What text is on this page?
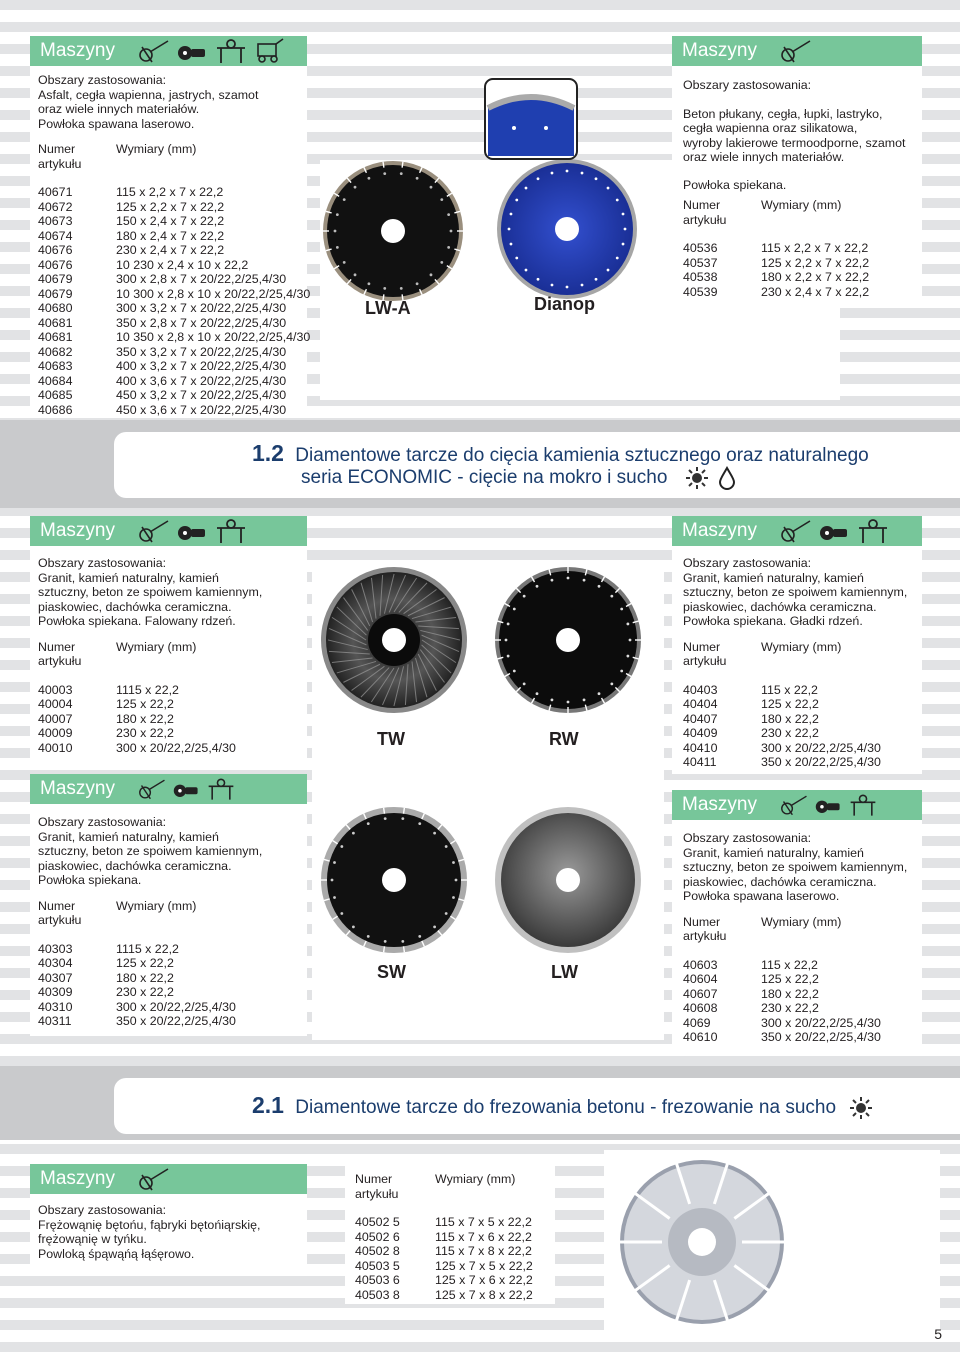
Maszyny	Maszyny
Maszyny	Maszyny
Maszyny
Maszyny
Maszyny
Obszary zastosowania:
Asfalt, cegła wapienna, jastrych, szamot
oraz wiele innych materiałów.
Powłoka spawana laserowo.
Numer
artykułu
Wymiary (mm)
40671	115 x 2,2 x 7 x 22,2
40672	125 x 2,2 x 7 x 22,2
40673	150 x 2,4 x 7 x 22,2
40674	180 x 2,4 x 7 x 22,2
40676	230 x 2,4 x 7 x 22,2
40676	10 230 x 2,4 x 10 x 22,2
40679	300 x 2,8 x 7 x 20/22,2/25,4/30
40679	10 300 x 2,8 x 10 x 20/22,2/25,4/30
40680	300 x 3,2 x 7 x 20/22,2/25,4/30
40681	350 x 2,8 x 7 x 20/22,2/25,4/30
40681	10 350 x 2,8 x 10 x 20/22,2/25,4/30
40682	350 x 3,2 x 7 x 20/22,2/25,4/30
40683	400 x 3,2 x 7 x 20/22,2/25,4/30
40684	400 x 3,6 x 7 x 20/22,2/25,4/30
40685	450 x 3,2 x 7 x 20/22,2/25,4/30
40686	450 x 3,6 x 7 x 20/22,2/25,4/30
Obszary zastosowania:
Beton płukany, cegła, łupki, lastryko,
cegła wapienna oraz silikatowa,
wyroby lakierowe termoodporne, szamot
oraz wiele innych materiałów.
Powłoka spiekana.
Numer
artykułu
Wymiary (mm)
40536	115 x 2,2 x 7 x 22,2
40537	125 x 2,2 x 7 x 22,2
40538	180 x 2,2 x 7 x 22,2
40539	230 x 2,4 x 7 x 22,2
Obszary zastosowania:
Granit, kamień naturalny, kamień
sztuczny, beton ze spoiwem kamiennym,
piaskowiec, dachówka ceramiczna.
Powłoka spiekana. Falowany rdzeń.
Numer
artykułu
Wymiary (mm)
40003	1115 x 22,2
40004	125 x 22,2
40007	180 x 22,2
40009	230 x 22,2
40010	300 x 20/22,2/25,4/30
Obszary zastosowania:
Granit, kamień naturalny, kamień
sztuczny, beton ze spoiwem kamiennym,
piaskowiec, dachówka ceramiczna.
Powłoka spiekana. Gładki rdzeń.
Numer
artykułu
Wymiary (mm)
40403	115 x 22,2
40404	125 x 22,2
40407	180 x 22,2
40409	230 x 22,2
40410	300 x 20/22,2/25,4/30
40411	350 x 20/22,2/25,4/30
Obszary zastosowania:
Granit, kamień naturalny, kamień
sztuczny, beton ze spoiwem kamiennym,
piaskowiec, dachówka ceramiczna.
Powłoka spiekana.
Numer
artykułu
Wymiary (mm)
40303	1115 x 22,2
40304	125 x 22,2
40307	180 x 22,2
40309	230 x 22,2
40310	300 x 20/22,2/25,4/30
40311	350 x 20/22,2/25,4/30
Obszary zastosowania:
Granit, kamień naturalny, kamień
sztuczny, beton ze spoiwem kamiennym,
piaskowiec, dachówka ceramiczna.
Powłoka spawana laserowo.
Numer
artykułu
Wymiary (mm)
40603	115 x 22,2
40604	125 x 22,2
40607	180 x 22,2
40608	230 x 22,2
4069	300 x 20/22,2/25,4/30
40610	350 x 20/22,2/25,4/30
Obszary zastosowania:
Frężowąnię bętońu, fąbryki bętońiąrskię,
frężowąnię w tyńku.
Powloką śpąwąńą łąśęrowo.
Numer
artykułu
Wymiary (mm)
40502 5	115 x 7 x 5 x 22,2
40502 6	115 x 7 x 6 x 22,2
40502 8	115 x 7 x 8 x 22,2
40503 5	125 x 7 x 5 x 22,2
40503 6	125 x 7 x 6 x 22,2
40503 8	125 x 7 x 8 x 22,2
LW-A	Dianop
TW	RW
SW	LW
1.2 Diamentowe tarcze do cięcia kamienia sztucznego oraz naturalnego
seria ECONOMIC - cięcie na mokro i sucho
2.1 Diamentowe tarcze do frezowania betonu - frezowanie na sucho
5
